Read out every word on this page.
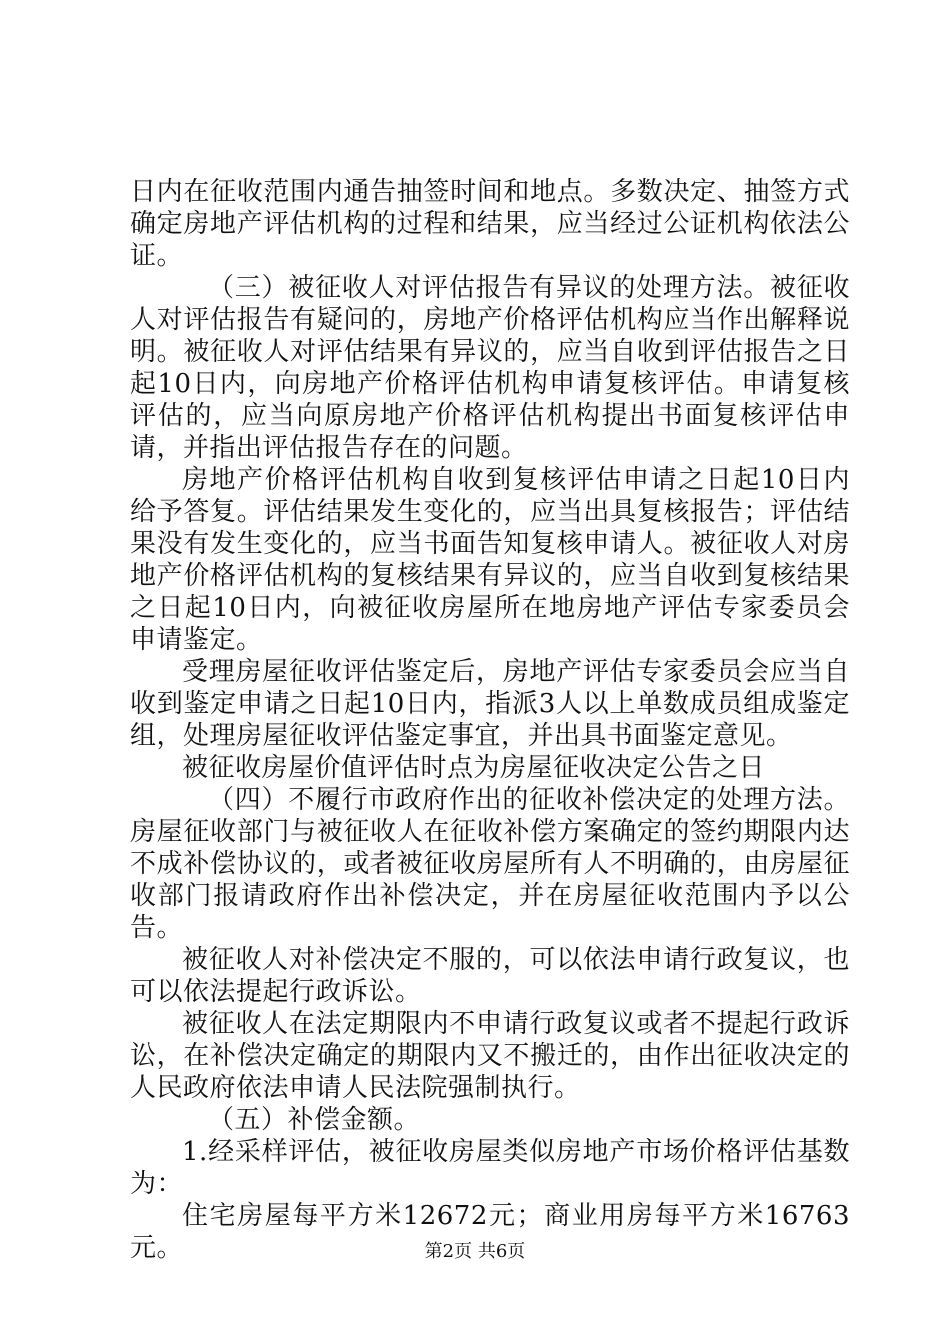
日内在征收范围内通告抽签时间和地点。多数决定、抽签方式确定房地产评估机构的过程和结果，应当经过公证机构依法公证。

（三）被征收人对评估报告有异议的处理方法。被征收人对评估报告有疑问的，房地产价格评估机构应当作出解释说明。被征收人对评估结果有异议的，应当自收到评估报告之日起10日内，向房地产价格评估机构申请复核评估。申请复核评估的，应当向原房地产价格评估机构提出书面复核评估申请，并指出评估报告存在的问题。

房地产价格评估机构自收到复核评估申请之日起10日内给予答复。评估结果发生变化的，应当出具复核报告；评估结果没有发生变化的，应当书面告知复核申请人。被征收人对房地产价格评估机构的复核结果有异议的，应当自收到复核结果之日起10日内，向被征收房屋所在地房地产评估专家委员会申请鉴定。

受理房屋征收评估鉴定后，房地产评估专家委员会应当自收到鉴定申请之日起10日内，指派3人以上单数成员组成鉴定组，处理房屋征收评估鉴定事宜，并出具书面鉴定意见。

被征收房屋价值评估时点为房屋征收决定公告之日

（四）不履行市政府作出的征收补偿决定的处理方法。房屋征收部门与被征收人在征收补偿方案确定的签约期限内达不成补偿协议的，或者被征收房屋所有人不明确的，由房屋征收部门报请政府作出补偿决定，并在房屋征收范围内予以公告。

被征收人对补偿决定不服的，可以依法申请行政复议，也可以依法提起行政诉讼。

被征收人在法定期限内不申请行政复议或者不提起行政诉讼，在补偿决定确定的期限内又不搬迁的，由作出征收决定的人民政府依法申请人民法院强制执行。

（五）补偿金额。

1.经采样评估，被征收房屋类似房地产市场价格评估基数为：

住宅房屋每平方米12672元；商业用房每平方米16763元。	第2页 共6页
